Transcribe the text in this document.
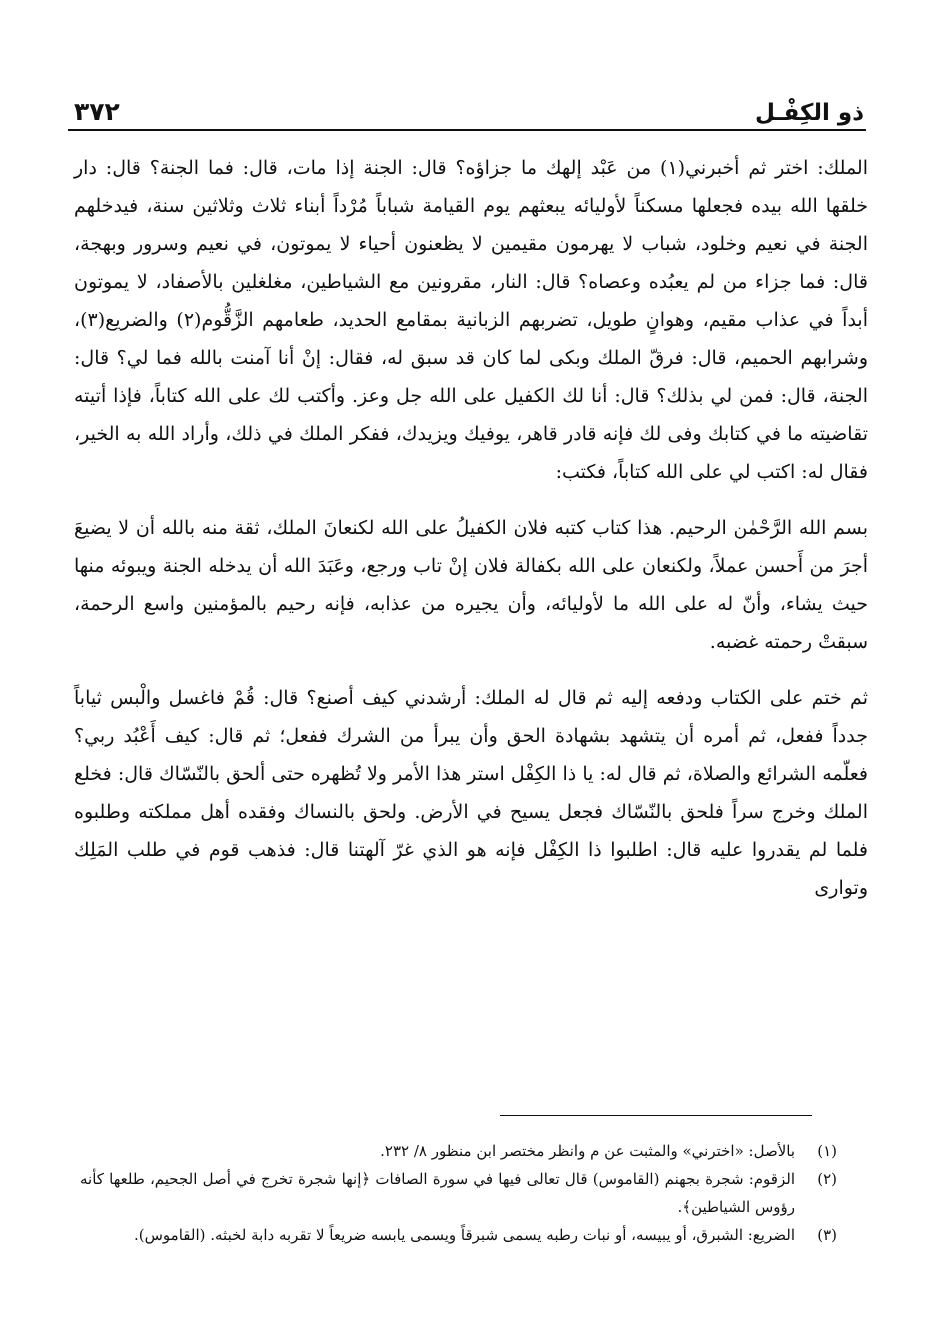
ذو الكِفْـل
٣٧٢

الملك: اختر ثم أخبرني(١) من عَبْد إلهك ما جزاؤه؟ قال: الجنة إذا مات، قال: فما الجنة؟ قال: دار خلقها الله بيده فجعلها مسكناً لأوليائه يبعثهم يوم القيامة شباباً مُرْداً أبناء ثلاث وثلاثين سنة، فيدخلهم الجنة في نعيم وخلود، شباب لا يهرمون مقيمين لا يظعنون أحياء لا يموتون، في نعيم وسرور وبهجة، قال: فما جزاء من لم يعبُده وعصاه؟ قال: النار، مقرونين مع الشياطين، مغلغلين بالأصفاد، لا يموتون أبداً في عذاب مقيم، وهوانٍ طويل، تضربهم الزبانية بمقامع الحديد، طعامهم الزَّقُّوم(٢) والضريع(٣)، وشرابهم الحميم، قال: فرقّ الملك وبكى لما كان قد سبق له، فقال: إنْ أنا آمنت بالله فما لي؟ قال: الجنة، قال: فمن لي بذلك؟ قال: أنا لك الكفيل على الله جل وعز. وأكتب لك على الله كتاباً، فإذا أتيته تقاضيته ما في كتابك وفى لك فإنه قادر قاهر، يوفيك ويزيدك، ففكر الملك في ذلك، وأراد الله به الخير، فقال له: اكتب لي على الله كتاباً، فكتب:

بسم الله الرَّحْمٰن الرحيم. هذا كتاب كتبه فلان الكفيلُ على الله لكنعانَ الملك، ثقة منه بالله أن لا يضيعَ أجرَ من أَحسن عملاً، ولكنعان على الله بكفالة فلان إنْ تاب ورجع، وعَبَدَ الله أن يدخله الجنة ويبوئه منها حيث يشاء، وأنّ له على الله ما لأوليائه، وأن يجيره من عذابه، فإنه رحيم بالمؤمنين واسع الرحمة، سبقتْ رحمته غضبه.

ثم ختم على الكتاب ودفعه إليه ثم قال له الملك: أرشدني كيف أصنع؟ قال: قُمْ فاغسل والْبس ثياباً جدداً ففعل، ثم أمره أن يتشهد بشهادة الحق وأن يبرأ من الشرك ففعل؛ ثم قال: كيف أَعْبُد ربي؟ فعلّمه الشرائع والصلاة، ثم قال له: يا ذا الكِفْل استر هذا الأمر ولا تُظهره حتى ألحق بالنّسّاك قال: فخلع الملك وخرج سراً فلحق بالنّسّاك فجعل يسيح في الأرض. ولحق بالنساك وفقده أهل مملكته وطلبوه فلما لم يقدروا عليه قال: اطلبوا ذا الكِفْل فإنه هو الذي غرّ آلهتنا قال: فذهب قوم في طلب المَلِك وتوارى

(١)
بالأصل: «اخترني» والمثبت عن م وانظر مختصر ابن منظور ٨/ ٢٣٢.
(٢)
الزقوم: شجرة بجهنم (القاموس) قال تعالى فيها في سورة الصافات ﴿إنها شجرة تخرج في أصل الجحيم، طلعها كأنه رؤوس الشياطين﴾.
(٣)
الضريع: الشبرق، أو يبيسه، أو نبات رطبه يسمى شبرقاً ويسمى يابسه ضريعاً لا تقربه دابة لخبثه. (القاموس).
